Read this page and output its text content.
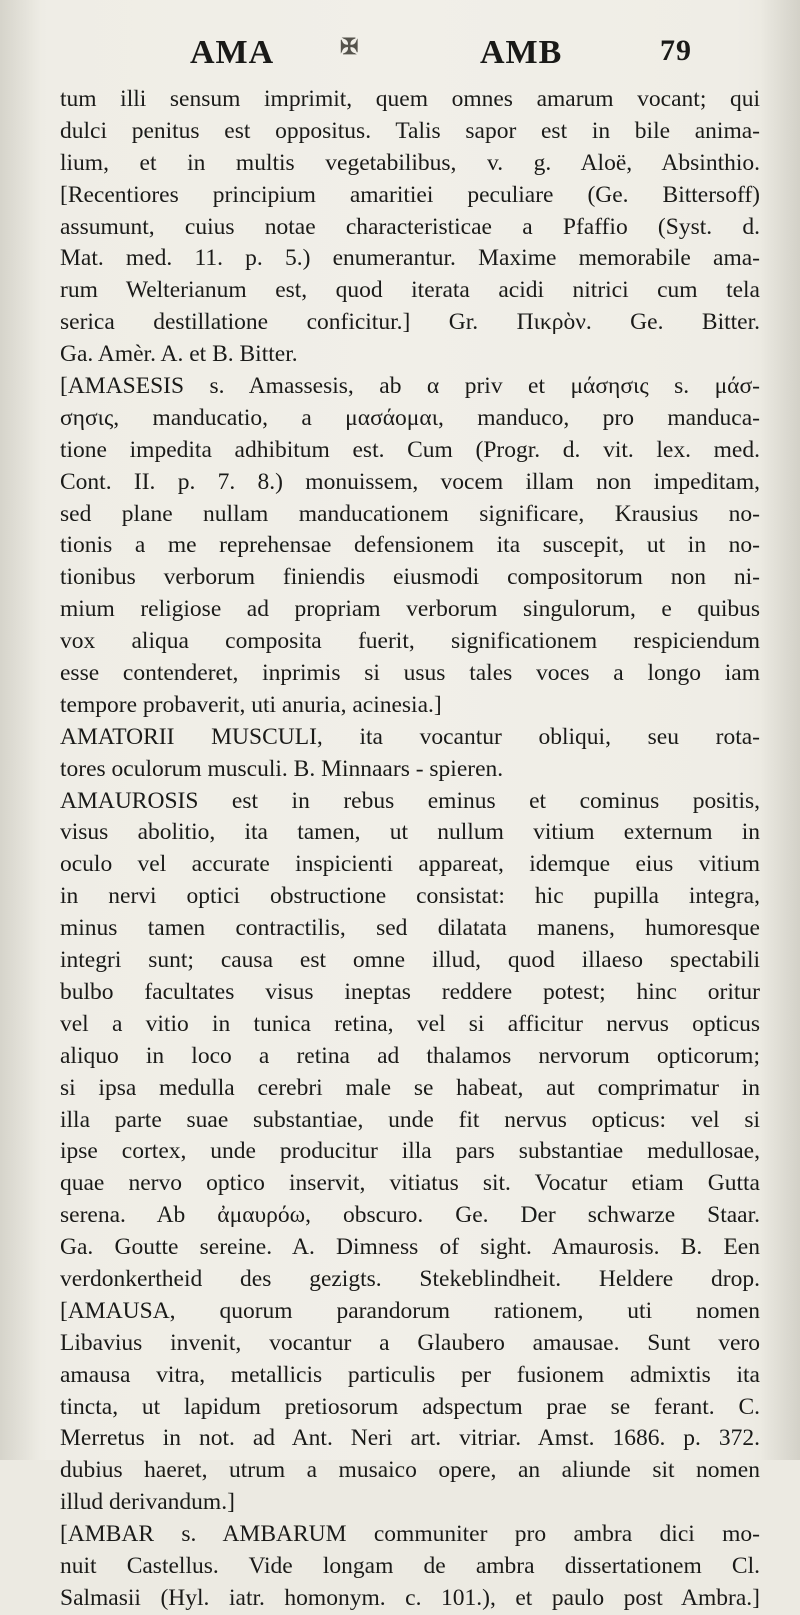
AMA	✠	AMB	79
tum illi sensum imprimit, quem omnes amarum vocant; qui
dulci penitus est oppositus. Talis sapor est in bile anima-
lium, et in multis vegetabilibus, v. g. Aloë, Absinthio.
[Recentiores principium amaritiei peculiare (Ge. Bittersoff)
assumunt, cuius notae characteristicae a Pfaffio (Syst. d.
Mat. med. 11. p. 5.) enumerantur. Maxime memorabile ama-
rum Welterianum est, quod iterata acidi nitrici cum tela
serica destillatione conficitur.] Gr. Πικρὸν. Ge. Bitter.
Ga. Amèr. A. et B. Bitter.
[AMASESIS s. Amassesis, ab α priv et μάσησις s. μάσ-
σησις, manducatio, a μασάομαι, manduco, pro manduca-
tione impedita adhibitum est. Cum (Progr. d. vit. lex. med.
Cont. II. p. 7. 8.) monuissem, vocem illam non impeditam,
sed plane nullam manducationem significare, Krausius no-
tionis a me reprehensae defensionem ita suscepit, ut in no-
tionibus verborum finiendis eiusmodi compositorum non ni-
mium religiose ad propriam verborum singulorum, e quibus
vox aliqua composita fuerit, significationem respiciendum
esse contenderet, inprimis si usus tales voces a longo iam
tempore probaverit, uti anuria, acinesia.]
AMATORII MUSCULI, ita vocantur obliqui, seu rota-
tores oculorum musculi. B. Minnaars - spieren.
AMAUROSIS est in rebus eminus et cominus positis,
visus abolitio, ita tamen, ut nullum vitium externum in
oculo vel accurate inspicienti appareat, idemque eius vitium
in nervi optici obstructione consistat: hic pupilla integra,
minus tamen contractilis, sed dilatata manens, humoresque
integri sunt; causa est omne illud, quod illaeso spectabili
bulbo facultates visus ineptas reddere potest; hinc oritur
vel a vitio in tunica retina, vel si afficitur nervus opticus
aliquo in loco a retina ad thalamos nervorum opticorum;
si ipsa medulla cerebri male se habeat, aut comprimatur in
illa parte suae substantiae, unde fit nervus opticus: vel si
ipse cortex, unde producitur illa pars substantiae medullosae,
quae nervo optico inservit, vitiatus sit. Vocatur etiam Gutta
serena. Ab ἀμαυρόω, obscuro. Ge. Der schwarze Staar.
Ga. Goutte sereine. A. Dimness of sight. Amaurosis. B. Een
verdonkertheid des gezigts. Stekeblindheit. Heldere drop.
[AMAUSA, quorum parandorum rationem, uti nomen
Libavius invenit, vocantur a Glaubero amausae. Sunt vero
amausa vitra, metallicis particulis per fusionem admixtis ita
tincta, ut lapidum pretiosorum adspectum prae se ferant. C.
Merretus in not. ad Ant. Neri art. vitriar. Amst. 1686. p. 372.
dubius haeret, utrum a musaico opere, an aliunde sit nomen
illud derivandum.]
[AMBAR s. AMBARUM communiter pro ambra dici mo-
nuit Castellus. Vide longam de ambra dissertationem Cl.
Salmasii (Hyl. iatr. homonym. c. 101.), et paulo post Ambra.]
